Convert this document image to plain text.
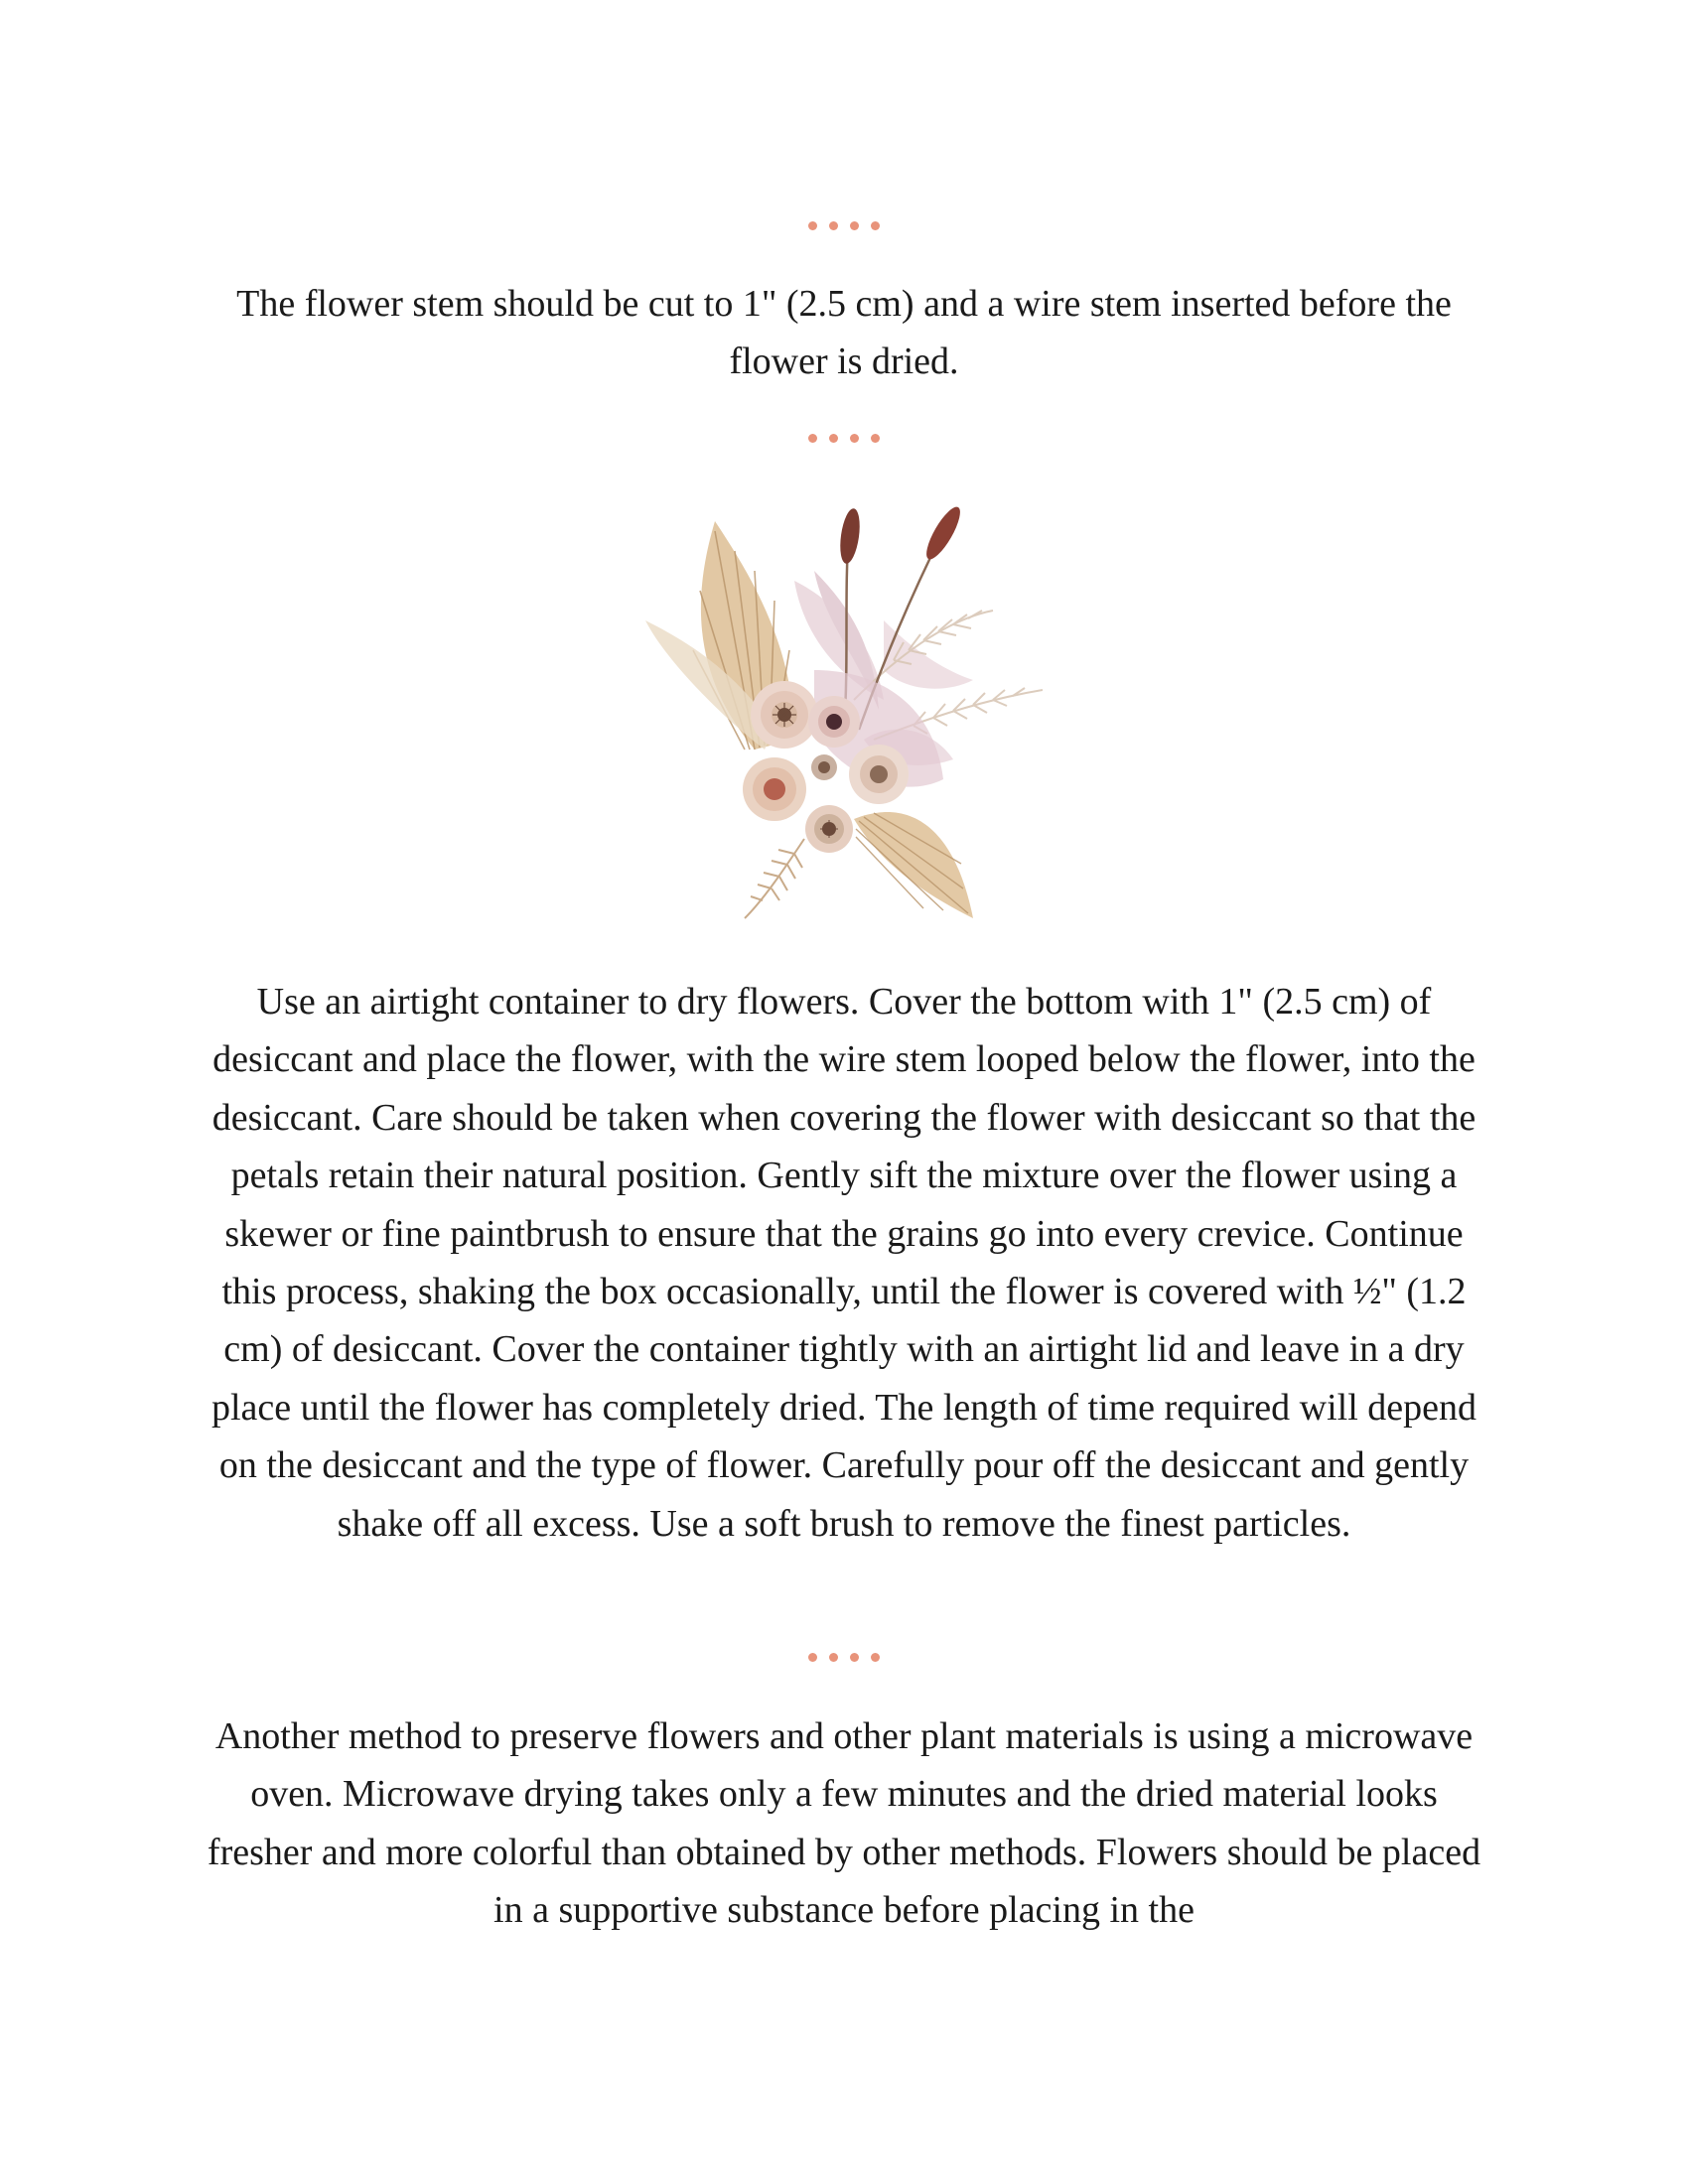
The flower stem should be cut to 1" (2.5 cm) and a wire stem inserted before the flower is dried.

Use an airtight container to dry flowers. Cover the bottom with 1" (2.5 cm) of desiccant and place the flower, with the wire stem looped below the flower, into the desiccant. Care should be taken when covering the flower with desiccant so that the petals retain their natural position. Gently sift the mixture over the flower using a skewer or fine paintbrush to ensure that the grains go into every crevice. Continue this process, shaking the box occasionally, until the flower is covered with ½" (1.2 cm) of desiccant. Cover the container tightly with an airtight lid and leave in a dry place until the flower has completely dried. The length of time required will depend on the desiccant and the type of flower. Carefully pour off the desiccant and gently shake off all excess. Use a soft brush to remove the finest particles.

Another method to preserve flowers and other plant materials is using a microwave oven. Microwave drying takes only a few minutes and the dried material looks fresher and more colorful than obtained by other methods. Flowers should be placed in a supportive substance before placing in the
